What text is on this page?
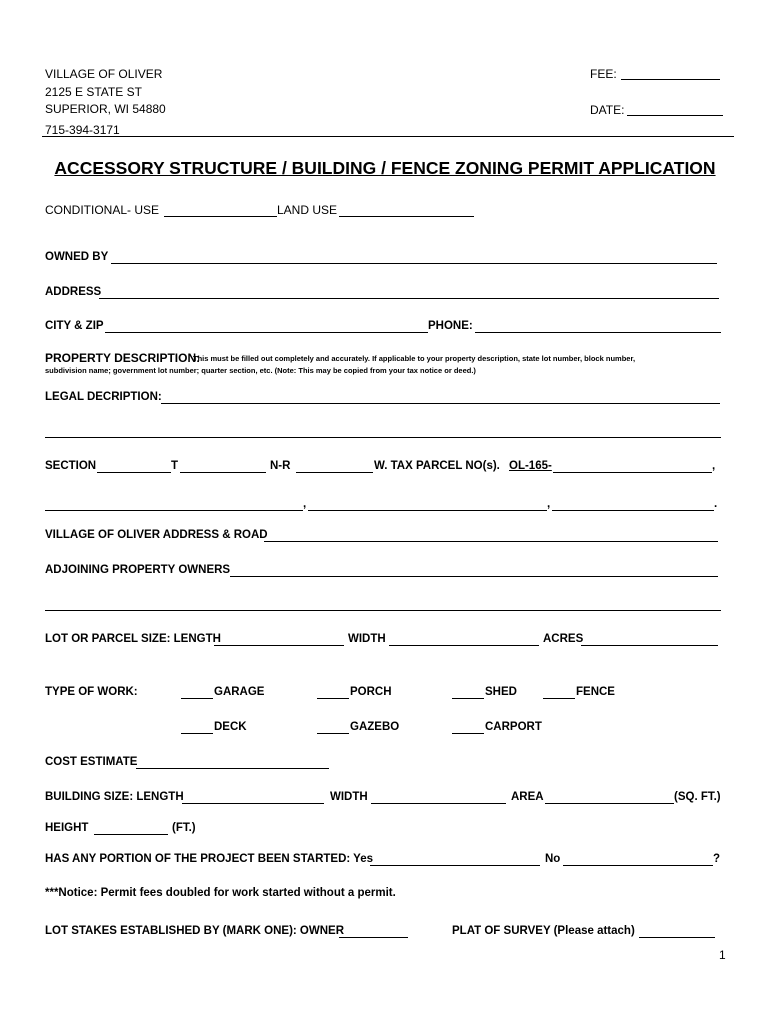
VILLAGE OF OLIVER
2125 E STATE ST
SUPERIOR, WI 54880
715-394-3171
FEE:
DATE:
ACCESSORY STRUCTURE / BUILDING / FENCE ZONING PERMIT APPLICATION
CONDITIONAL- USE	LAND USE
OWNED BY
ADDRESS
CITY & ZIP	PHONE:
PROPERTY DESCRIPTION:
This must be filled out completely and accurately. If applicable to your property description, state lot number, block number,
subdivision name; government lot number; quarter section, etc. (Note: This may be copied from your tax notice or deed.)
LEGAL DECRIPTION:
SECTION	T	N-R	W. TAX PARCEL NO(s). OL-165-	,
,	,	.
VILLAGE OF OLIVER ADDRESS & ROAD
ADJOINING PROPERTY OWNERS
LOT OR PARCEL SIZE: LENGTH	WIDTH	ACRES
TYPE OF WORK:	GARAGE	PORCH	SHED	FENCE
DECK	GAZEBO	CARPORT
COST ESTIMATE
BUILDING SIZE: LENGTH	WIDTH	AREA	(SQ. FT.)
HEIGHT	(FT.)
HAS ANY PORTION OF THE PROJECT BEEN STARTED: Yes	No	?
***Notice: Permit fees doubled for work started without a permit.
LOT STAKES ESTABLISHED BY (MARK ONE): OWNER	PLAT OF SURVEY (Please attach)
1
